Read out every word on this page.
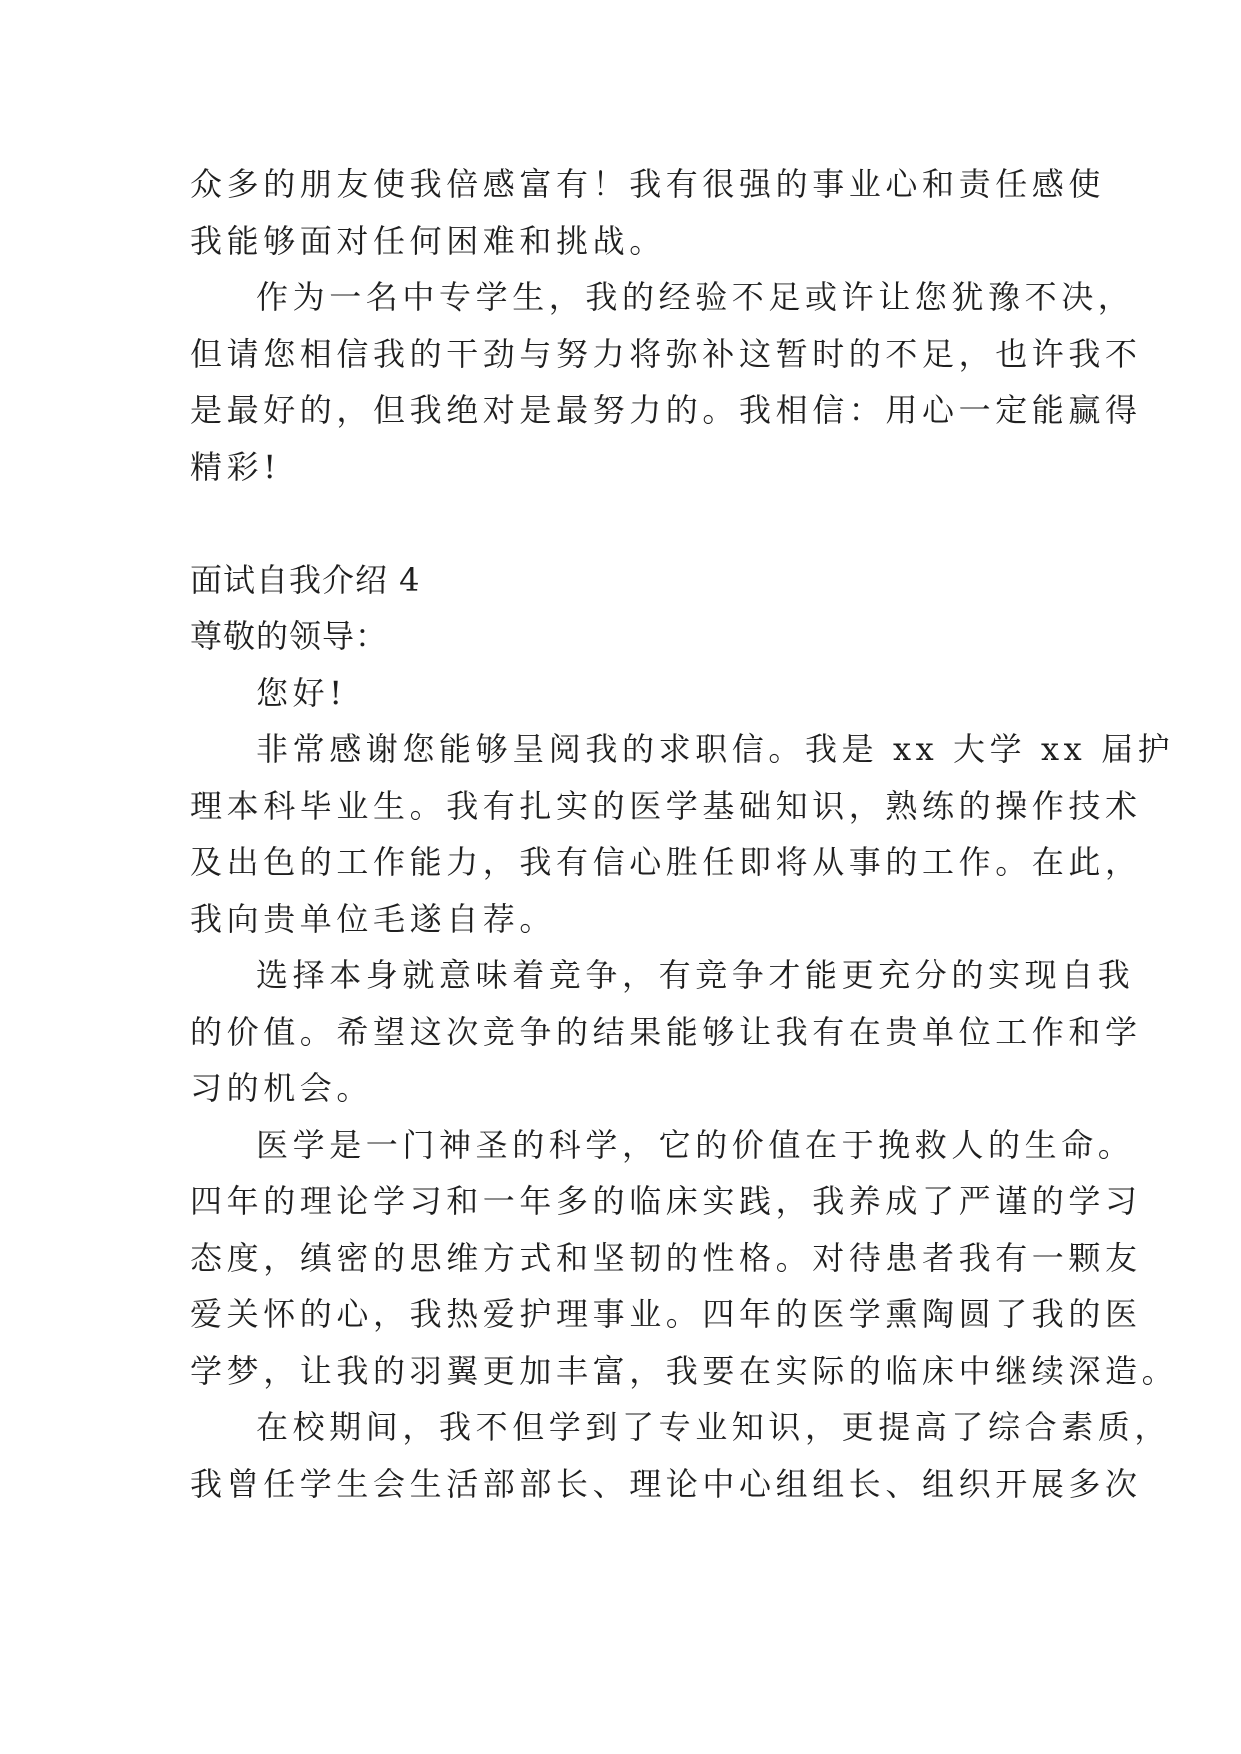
众多的朋友使我倍感富有！我有很强的事业心和责任感使
我能够面对任何困难和挑战。
作为一名中专学生，我的经验不足或许让您犹豫不决，
但请您相信我的干劲与努力将弥补这暂时的不足，也许我不
是最好的，但我绝对是最努力的。我相信：用心一定能赢得
精彩!
面试自我介绍 4
尊敬的领导：
您好!
非常感谢您能够呈阅我的求职信。我是 xx 大学 xx 届护
理本科毕业生。我有扎实的医学基础知识，熟练的操作技术
及出色的工作能力，我有信心胜任即将从事的工作。在此，
我向贵单位毛遂自荐。
选择本身就意味着竞争，有竞争才能更充分的实现自我
的价值。希望这次竞争的结果能够让我有在贵单位工作和学
习的机会。
医学是一门神圣的科学，它的价值在于挽救人的生命。
四年的理论学习和一年多的临床实践，我养成了严谨的学习
态度，缜密的思维方式和坚韧的性格。对待患者我有一颗友
爱关怀的心，我热爱护理事业。四年的医学熏陶圆了我的医
学梦，让我的羽翼更加丰富，我要在实际的临床中继续深造。
在校期间，我不但学到了专业知识，更提高了综合素质，
我曾任学生会生活部部长、理论中心组组长、组织开展多次
